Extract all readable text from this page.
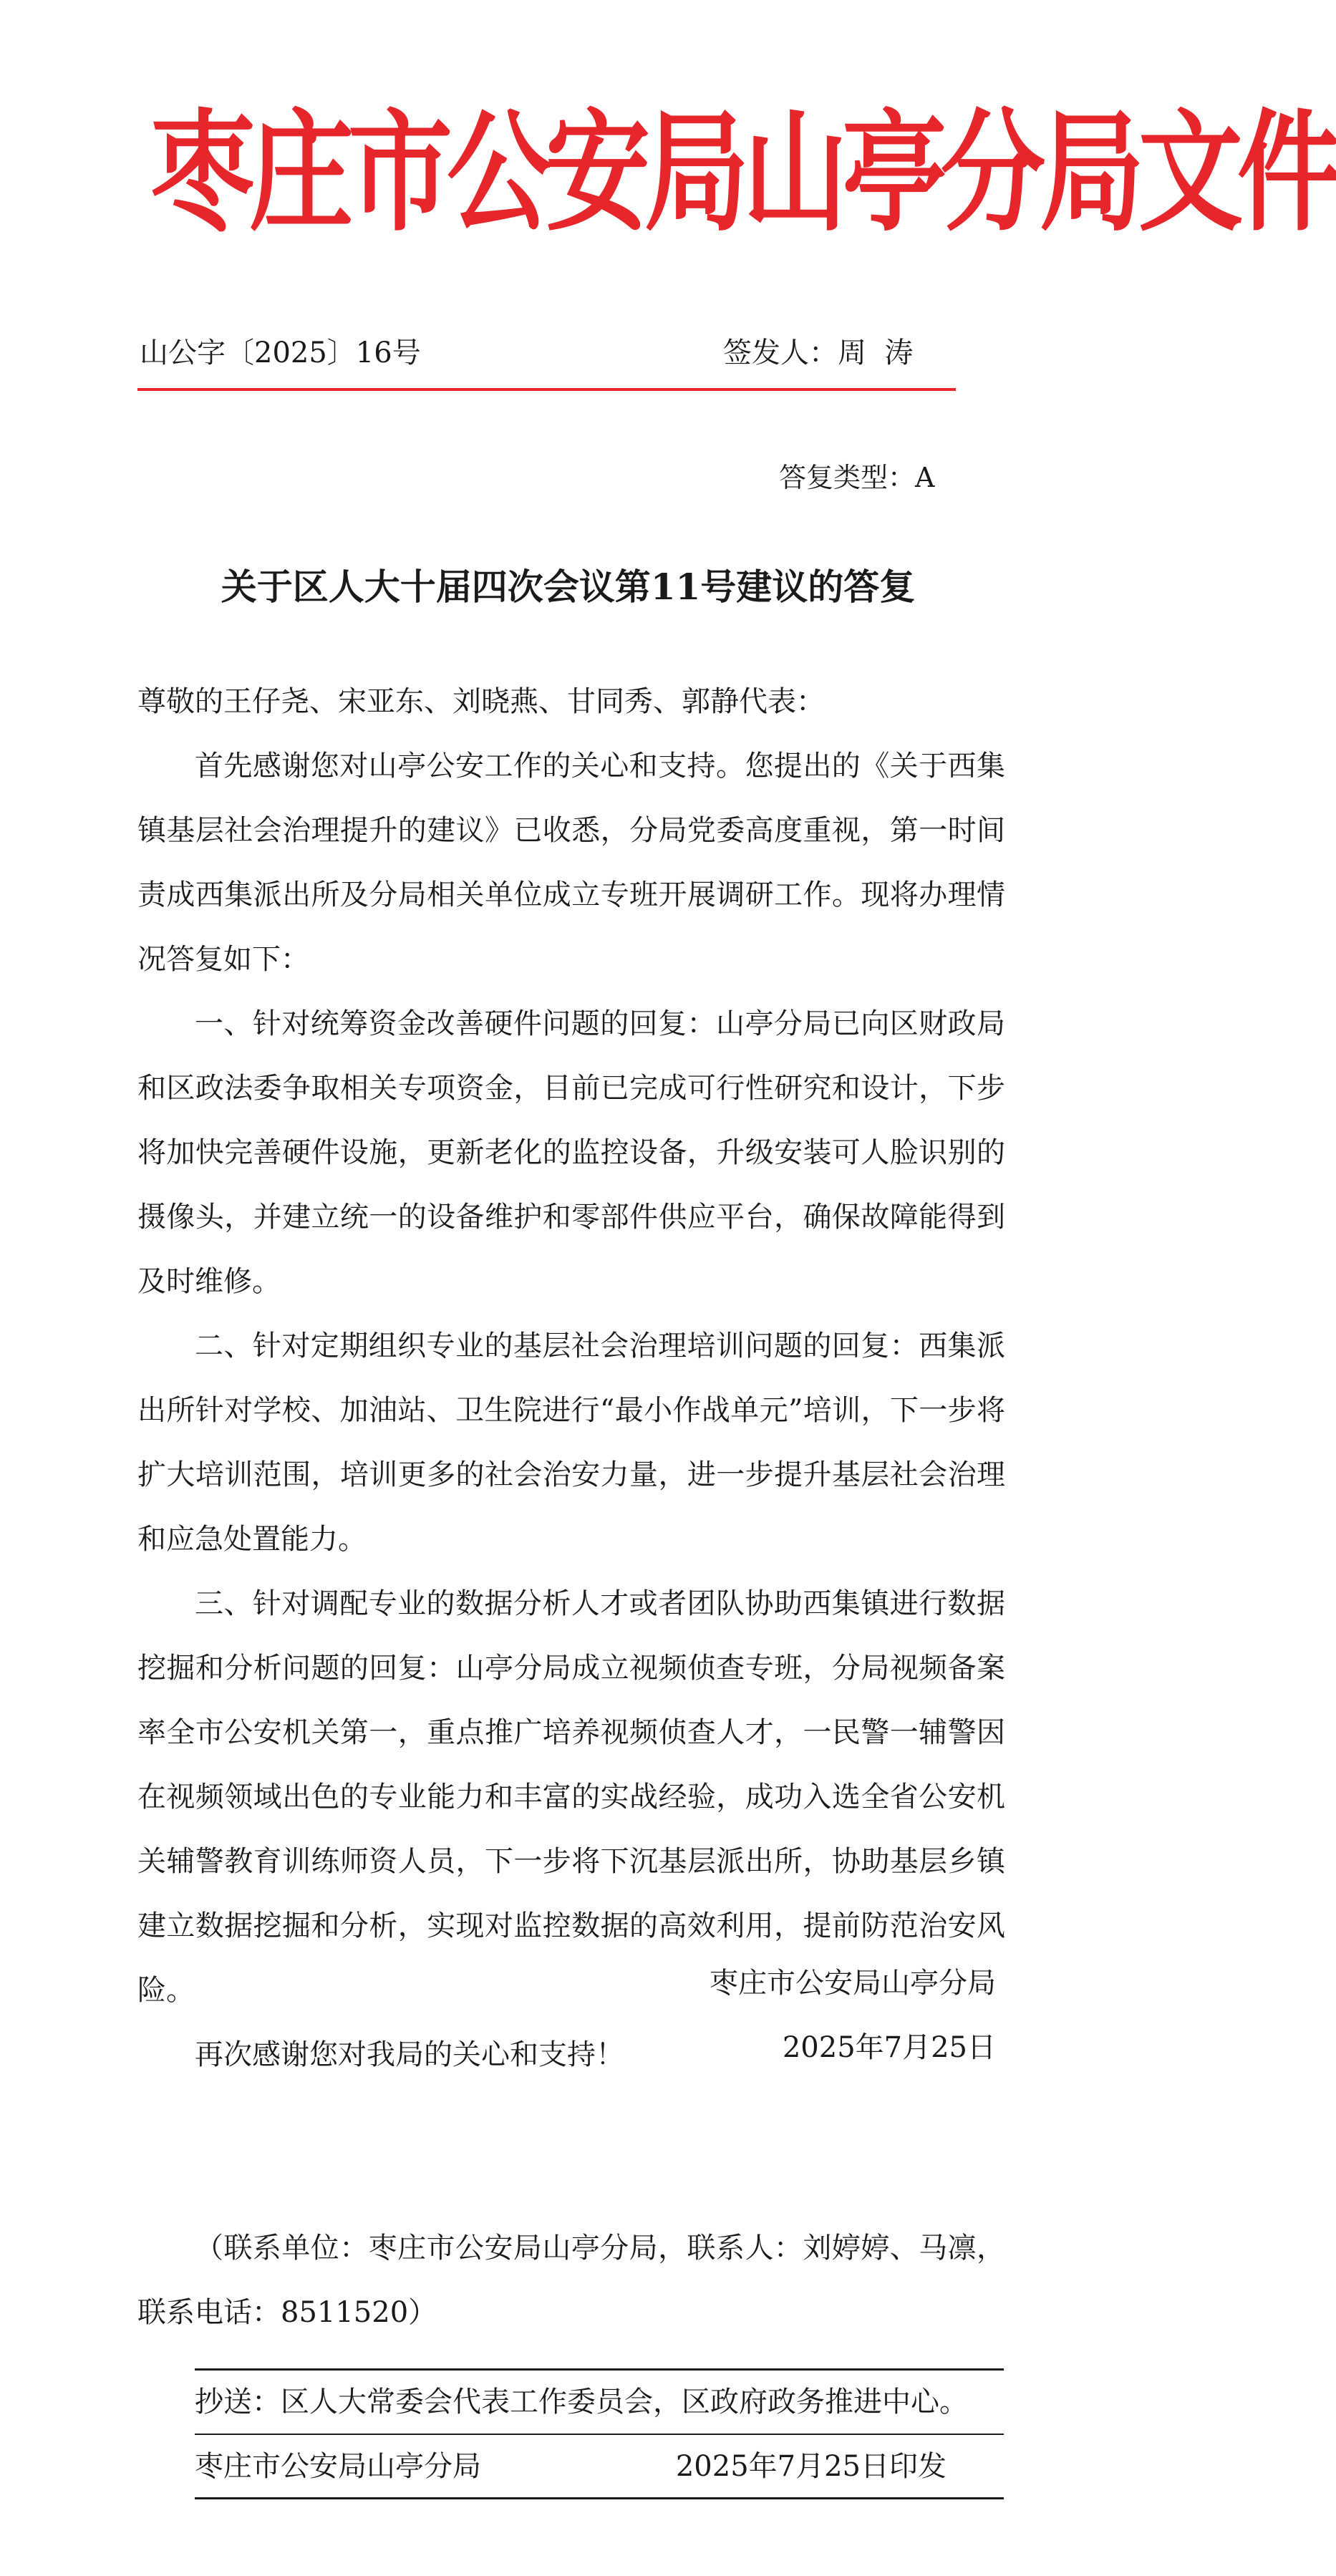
枣庄市公安局山亭分局文件
山公字〔2025〕16号	签发人：周  涛
答复类型：A
关于区人大十届四次会议第11号建议的答复

尊敬的王仔尧、宋亚东、刘晓燕、甘同秀、郭静代表：

首先感谢您对山亭公安工作的关心和支持。您提出的《关于西集镇基层社会治理提升的建议》已收悉，分局党委高度重视，第一时间责成西集派出所及分局相关单位成立专班开展调研工作。现将办理情况答复如下：

一、针对统筹资金改善硬件问题的回复：山亭分局已向区财政局和区政法委争取相关专项资金，目前已完成可行性研究和设计，下步将加快完善硬件设施，更新老化的监控设备，升级安装可人脸识别的摄像头，并建立统一的设备维护和零部件供应平台，确保故障能得到及时维修。

二、针对定期组织专业的基层社会治理培训问题的回复：西集派出所针对学校、加油站、卫生院进行“最小作战单元”培训，下一步将扩大培训范围，培训更多的社会治安力量，进一步提升基层社会治理和应急处置能力。

三、针对调配专业的数据分析人才或者团队协助西集镇进行数据挖掘和分析问题的回复：山亭分局成立视频侦查专班，分局视频备案率全市公安机关第一，重点推广培养视频侦查人才，一民警一辅警因在视频领域出色的专业能力和丰富的实战经验，成功入选全省公安机关辅警教育训练师资人员，下一步将下沉基层派出所，协助基层乡镇建立数据挖掘和分析，实现对监控数据的高效利用，提前防范治安风险。

再次感谢您对我局的关心和支持！

枣庄市公安局山亭分局
2025年7月25日
（联系单位：枣庄市公安局山亭分局，联系人：刘婷婷、马凛，联系电话：8511520）
抄送：区人大常委会代表工作委员会，区政府政务推进中心。
枣庄市公安局山亭分局	2025年7月25日印发
